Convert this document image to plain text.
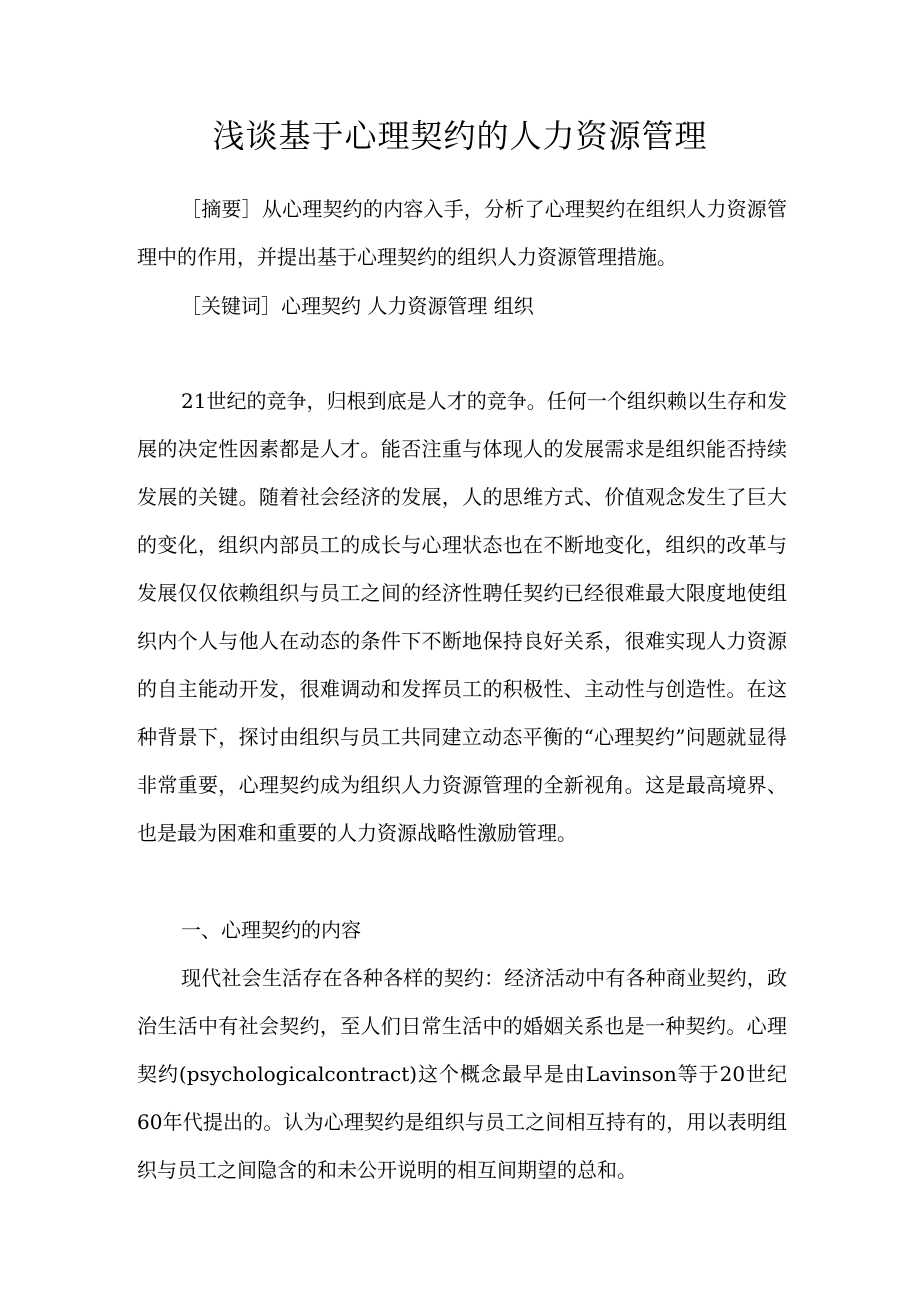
浅谈基于心理契约的人力资源管理

［摘要］从心理契约的内容入手，分析了心理契约在组织人力资源管理中的作用，并提出基于心理契约的组织人力资源管理措施。

［关键词］心理契约 人力资源管理 组织

21世纪的竞争，归根到底是人才的竞争。任何一个组织赖以生存和发展的决定性因素都是人才。能否注重与体现人的发展需求是组织能否持续发展的关键。随着社会经济的发展，人的思维方式、价值观念发生了巨大的变化，组织内部员工的成长与心理状态也在不断地变化，组织的改革与发展仅仅依赖组织与员工之间的经济性聘任契约已经很难最大限度地使组织内个人与他人在动态的条件下不断地保持良好关系，很难实现人力资源的自主能动开发，很难调动和发挥员工的积极性、主动性与创造性。在这种背景下，探讨由组织与员工共同建立动态平衡的“心理契约”问题就显得非常重要，心理契约成为组织人力资源管理的全新视角。这是最高境界、也是最为困难和重要的人力资源战略性激励管理。

一、心理契约的内容

现代社会生活存在各种各样的契约：经济活动中有各种商业契约，政治生活中有社会契约，至人们日常生活中的婚姻关系也是一种契约。心理契约(psychologicalcontract)这个概念最早是由Lavinson等于20世纪60年代提出的。认为心理契约是组织与员工之间相互持有的，用以表明组织与员工之间隐含的和未公开说明的相互间期望的总和。
